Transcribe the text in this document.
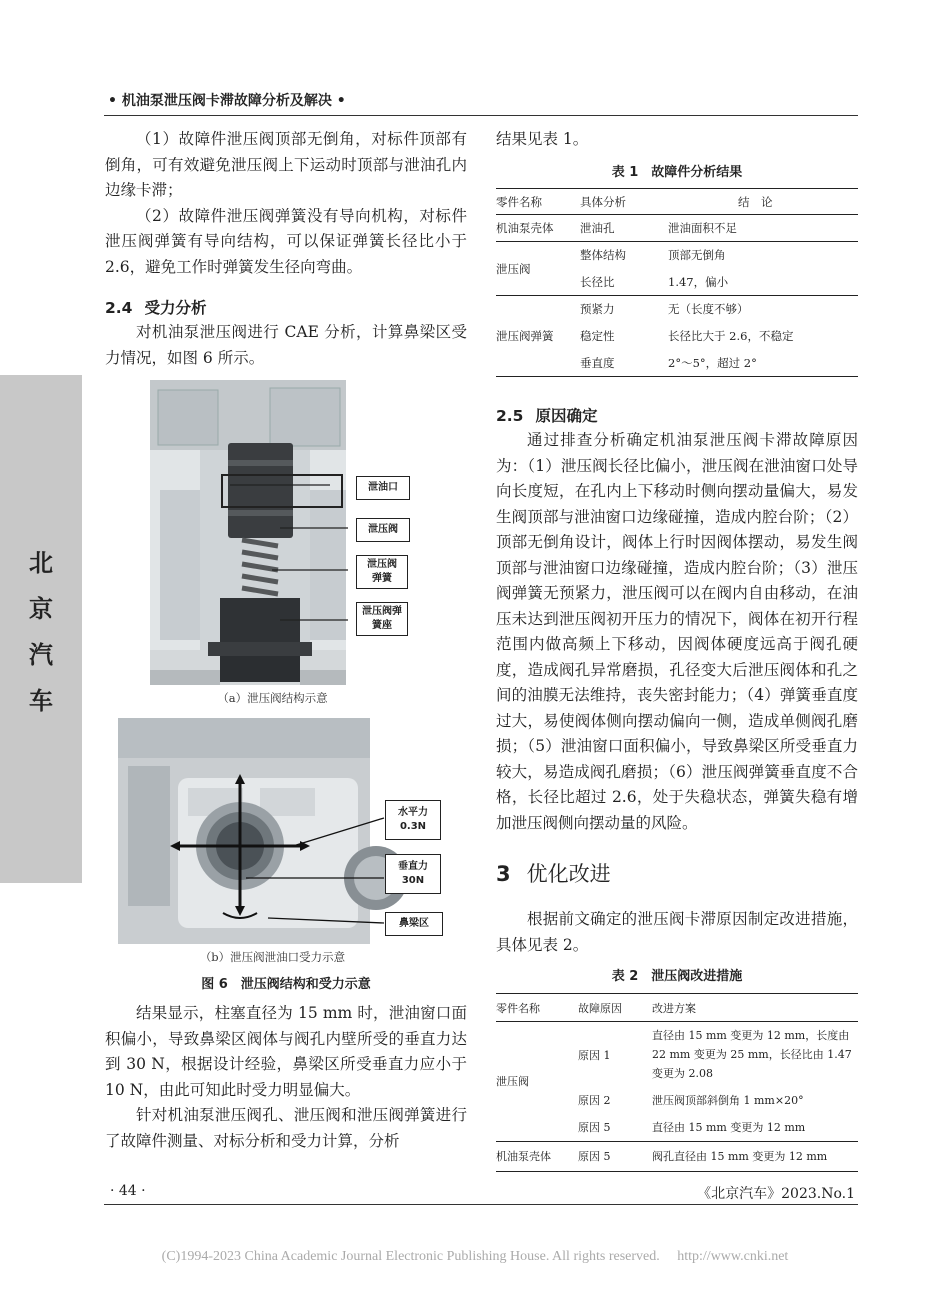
• 机油泵泄压阀卡滞故障分析及解决 •
北
京
汽
车

（1）故障件泄压阀顶部无倒角，对标件顶部有倒角，可有效避免泄压阀上下运动时顶部与泄油孔内边缘卡滞；

（2）故障件泄压阀弹簧没有导向机构，对标件泄压阀弹簧有导向结构，可以保证弹簧长径比小于 2.6，避免工作时弹簧发生径向弯曲。

2.4 受力分析

对机油泵泄压阀进行 CAE 分析，计算鼻梁区受力情况，如图 6 所示。

泄油口
泄压阀
泄压阀弹簧
泄压阀弹簧座
（a）泄压阀结构示意
水平力 0.3N
垂直力 30N
鼻梁区
（b）泄压阀泄油口受力示意
图 6　泄压阀结构和受力示意

结果显示，柱塞直径为 15 mm 时，泄油窗口面积偏小，导致鼻梁区阀体与阀孔内壁所受的垂直力达到 30 N，根据设计经验，鼻梁区所受垂直力应小于 10 N，由此可知此时受力明显偏大。

针对机油泵泄压阀孔、泄压阀和泄压阀弹簧进行了故障件测量、对标分析和受力计算，分析

结果见表 1。

表 1　故障件分析结果
零件名称	具体分析	结　论
机油泵壳体	泄油孔	泄油面积不足
泄压阀	整体结构	顶部无倒角
	长径比	1.47，偏小
泄压阀弹簧	预紧力	无（长度不够）
	稳定性	长径比大于 2.6，不稳定
	垂直度	2°～5°，超过 2°
2.5 原因确定

通过排查分析确定机油泵泄压阀卡滞故障原因为：（1）泄压阀长径比偏小，泄压阀在泄油窗口处导向长度短，在孔内上下移动时侧向摆动量偏大，易发生阀顶部与泄油窗口边缘碰撞，造成内腔台阶；（2）顶部无倒角设计，阀体上行时因阀体摆动，易发生阀顶部与泄油窗口边缘碰撞，造成内腔台阶；（3）泄压阀弹簧无预紧力，泄压阀可以在阀内自由移动，在油压未达到泄压阀初开压力的情况下，阀体在初开行程范围内做高频上下移动，因阀体硬度远高于阀孔硬度，造成阀孔异常磨损，孔径变大后泄压阀体和孔之间的油膜无法维持，丧失密封能力；（4）弹簧垂直度过大，易使阀体侧向摆动偏向一侧，造成单侧阀孔磨损；（5）泄油窗口面积偏小，导致鼻梁区所受垂直力较大，易造成阀孔磨损；（6）泄压阀弹簧垂直度不合格，长径比超过 2.6，处于失稳状态，弹簧失稳有增加泄压阀侧向摆动量的风险。

3 优化改进

根据前文确定的泄压阀卡滞原因制定改进措施，具体见表 2。

表 2　泄压阀改进措施
零件名称	故障原因	改进方案
泄压阀	原因 1	直径由 15 mm 变更为 12 mm，长度由 22 mm 变更为 25 mm，长径比由 1.47 变更为 2.08
	原因 2	泄压阀顶部斜倒角 1 mm×20°
	原因 5	直径由 15 mm 变更为 12 mm
机油泵壳体	原因 5	阀孔直径由 15 mm 变更为 12 mm
· 44 ·	《北京汽车》2023.No.1
(C)1994-2023 China Academic Journal Electronic Publishing House. All rights reserved.　 http://www.cnki.net
